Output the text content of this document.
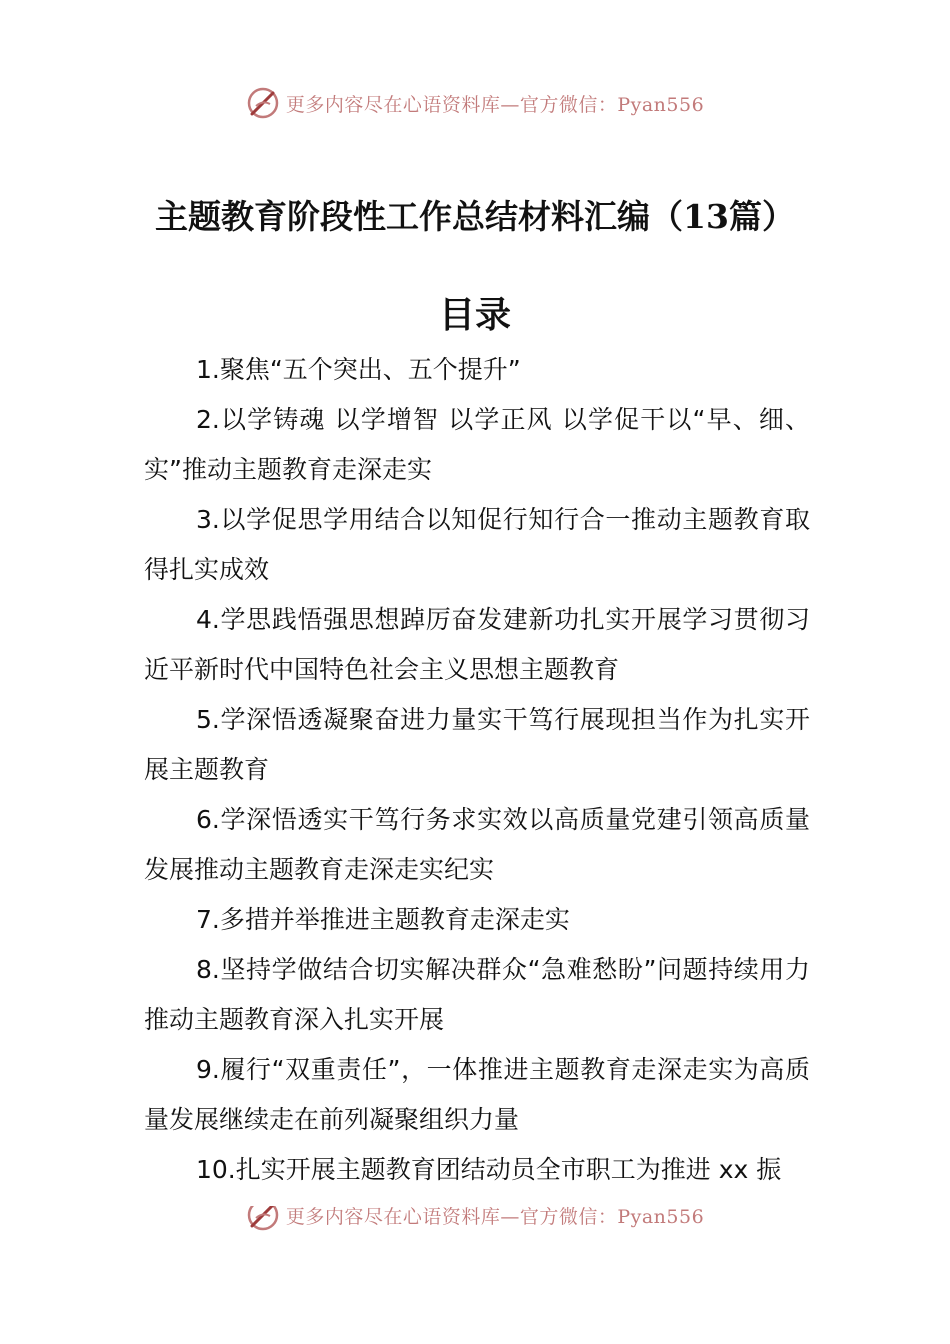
更多内容尽在心语资料库—官方微信：Pyan556
主题教育阶段性工作总结材料汇编（13篇）
目录
1.聚焦“五个突出、五个提升”
2.以学铸魂 以学增智 以学正风 以学促干以“早、细、实”推动主题教育走深走实
3.以学促思学用结合以知促行知行合一推动主题教育取得扎实成效
4.学思践悟强思想踔厉奋发建新功扎实开展学习贯彻习近平新时代中国特色社会主义思想主题教育
5.学深悟透凝聚奋进力量实干笃行展现担当作为扎实开展主题教育
6.学深悟透实干笃行务求实效以高质量党建引领高质量发展推动主题教育走深走实纪实
7.多措并举推进主题教育走深走实
8.坚持学做结合切实解决群众“急难愁盼”问题持续用力推动主题教育深入扎实开展
9.履行“双重责任”，一体推进主题教育走深走实为高质量发展继续走在前列凝聚组织力量
10.扎实开展主题教育团结动员全市职工为推进 xx 振
更多内容尽在心语资料库—官方微信：Pyan556
